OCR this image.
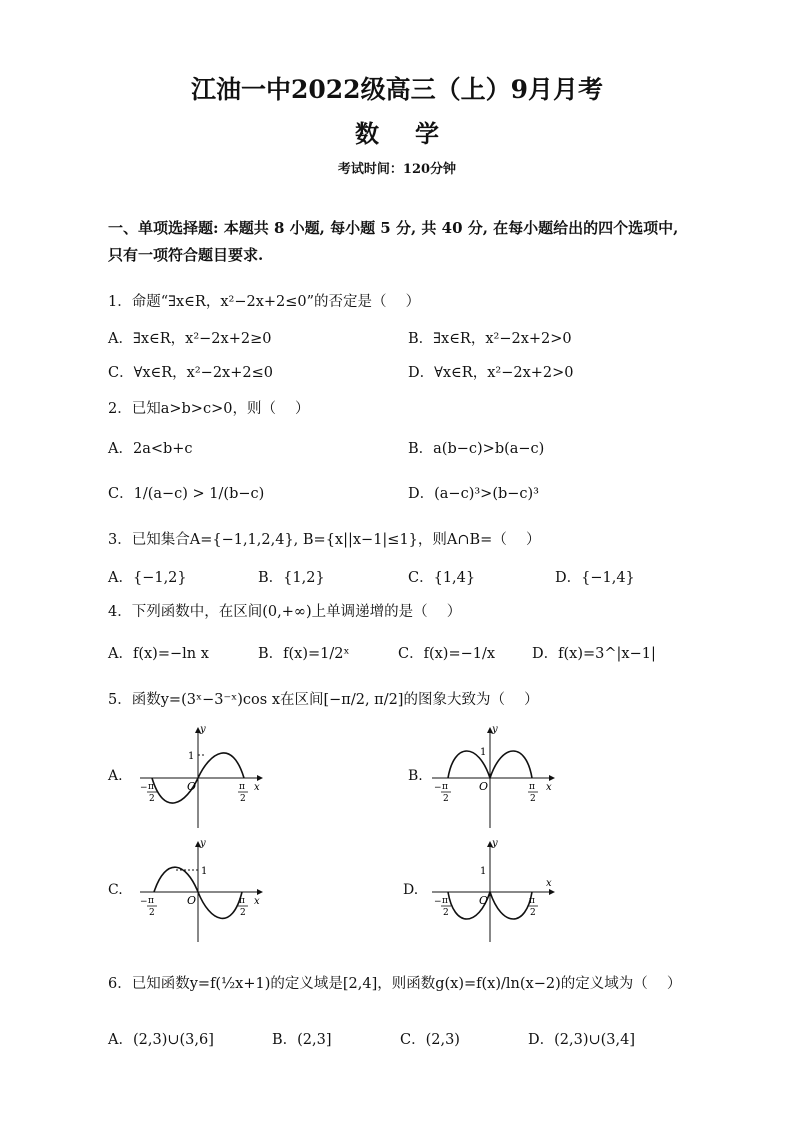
江油一中2022级高三（上）9月月考
数学
考试时间：120分钟
一、单项选择题: 本题共 8 小题, 每小题 5 分, 共 40 分, 在每小题给出的四个选项中, 只有一项符合题目要求.
1．命题“∃x∈R，x²−2x+2≤0”的否定是（　 ）
A．∃x∈R，x²−2x+2≥0	B．∃x∈R，x²−2x+2>0
C．∀x∈R，x²−2x+2≤0	D．∀x∈R，x²−2x+2>0
2．已知a>b>c>0，则（　 ）
A．2a<b+c	B．a(b−c)>b(a−c)
C．1/(a−c) > 1/(b−c)	D．(a−c)³>(b−c)³
3．已知集合A={−1,1,2,4}, B={x||x−1|≤1}，则A∩B=（　 ）
A．{−1,2}	B．{1,2}	C．{1,4}	D．{−1,4}
4．下列函数中，在区间(0,+∞)上单调递增的是（　 ）
A．f(x)=−ln x	B．f(x)=1/2ˣ	C．f(x)=−1/x	D．f(x)=3^|x−1|
5．函数y=(3ˣ−3⁻ˣ)cos x在区间[−π/2, π/2]的图象大致为（　 ）
A.	B.
C.	D.
y
x
1
O
− π
2
π
2
y
x
1
O
− π
2
π
2
y
x
1
O
− π
2
π
2
y
x
1
O
− π
2
π
2
6．已知函数y=f(½x+1)的定义域是[2,4]，则函数g(x)=f(x)/ln(x−2)的定义域为（　 ）
A．(2,3)∪(3,6]	B．(2,3]	C．(2,3)	D．(2,3)∪(3,4]
